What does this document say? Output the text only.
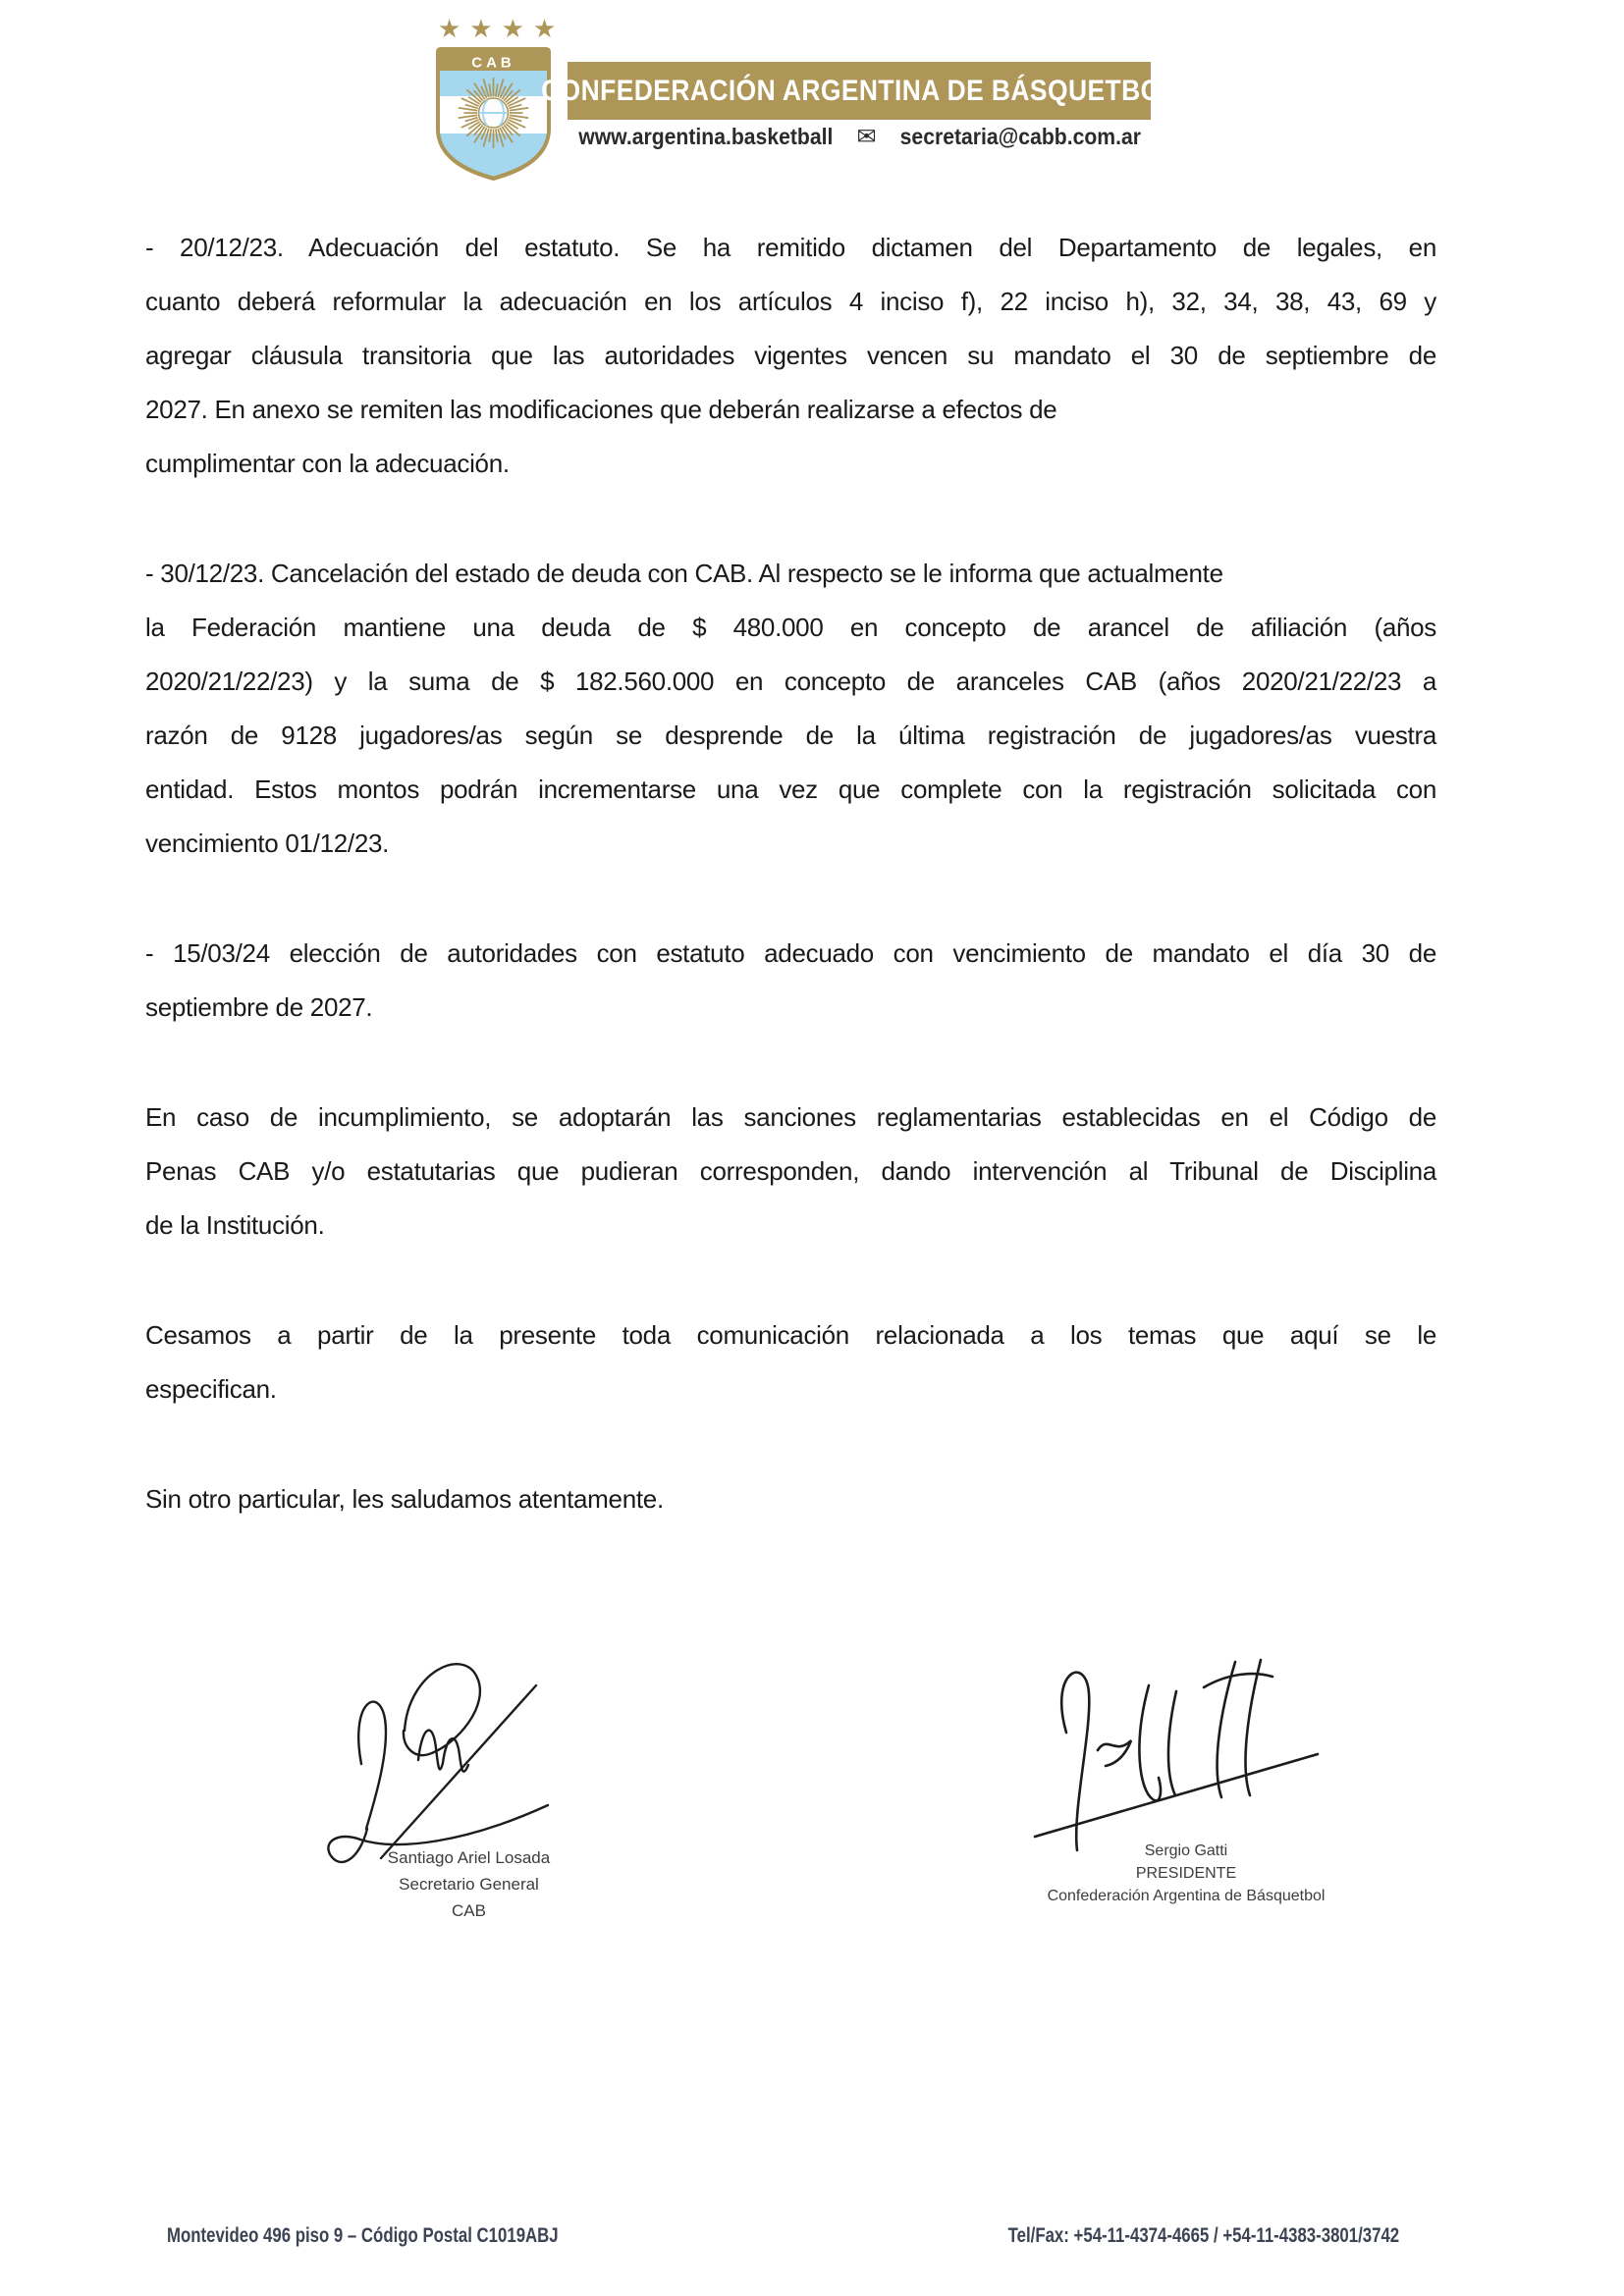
★★★★
CAB
CONFEDERACIÓN ARGENTINA DE BÁSQUETBOL
www.argentina.basketball ✉ secretaria@cabb.com.ar
- 20/12/23. Adecuación del estatuto. Se ha remitido dictamen del Departamento de legales, en
cuanto deberá reformular la adecuación en los artículos 4 inciso f), 22 inciso h), 32, 34, 38, 43, 69 y
agregar cláusula transitoria que las autoridades vigentes vencen su mandato el 30 de septiembre de
2027. En anexo se remiten las modificaciones que deberán realizarse a efectos de
cumplimentar con la adecuación.
- 30/12/23. Cancelación del estado de deuda con CAB. Al respecto se le informa que actualmente
la Federación mantiene una deuda de $ 480.000 en concepto de arancel de afiliación (años
2020/21/22/23) y la suma de $ 182.560.000 en concepto de aranceles CAB (años 2020/21/22/23 a
razón de 9128 jugadores/as según se desprende de la última registración de jugadores/as vuestra
entidad. Estos montos podrán incrementarse una vez que complete con la registración solicitada con
vencimiento 01/12/23.
- 15/03/24 elección de autoridades con estatuto adecuado con vencimiento de mandato el día 30 de
septiembre de 2027.
En caso de incumplimiento, se adoptarán las sanciones reglamentarias establecidas en el Código de
Penas CAB y/o estatutarias que pudieran corresponden, dando intervención al Tribunal de Disciplina
de la Institución.
Cesamos a partir de la presente toda comunicación relacionada a los temas que aquí se le
especifican.
Sin otro particular, les saludamos atentamente.
Santiago Ariel Losada
Secretario General
CAB
Sergio Gatti
PRESIDENTE
Confederación Argentina de Básquetbol
Montevideo 496 piso 9 – Código Postal C1019ABJ	Tel/Fax: +54-11-4374-4665 / +54-11-4383-3801/3742
